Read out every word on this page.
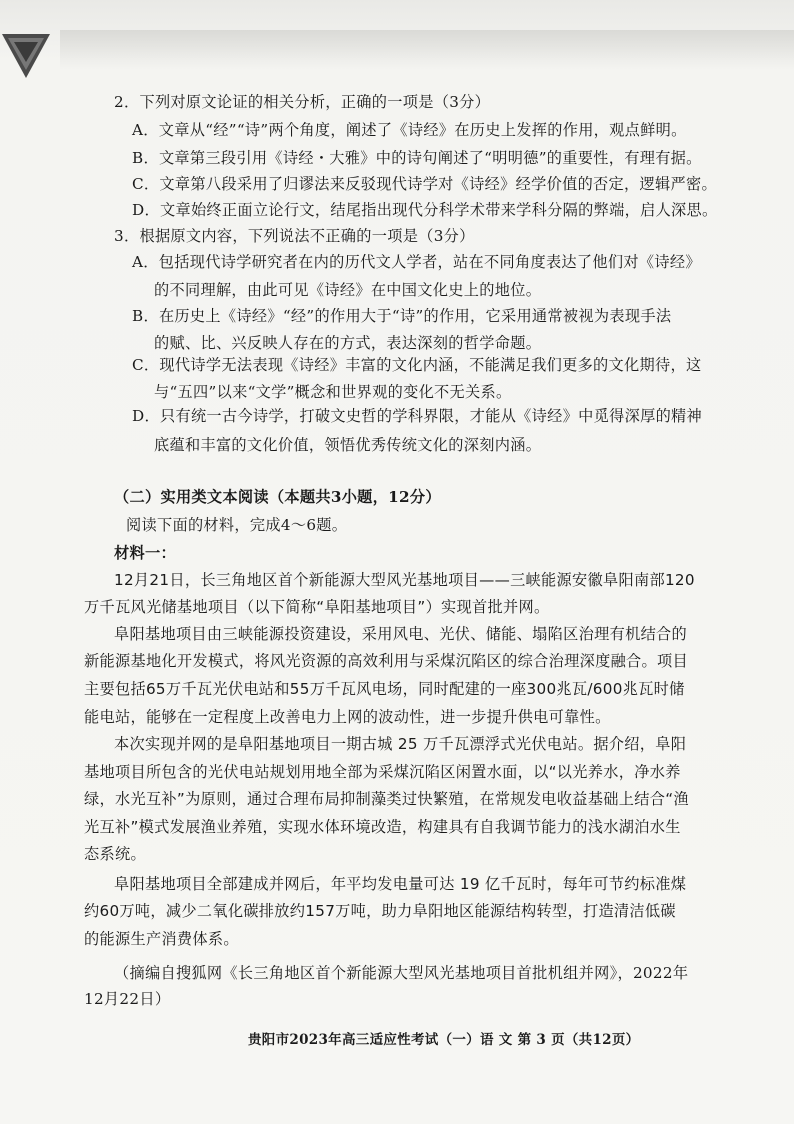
2．下列对原文论证的相关分析，正确的一项是（3分）
A．文章从“经”“诗”两个角度，阐述了《诗经》在历史上发挥的作用，观点鲜明。
B．文章第三段引用《诗经・大雅》中的诗句阐述了“明明德”的重要性，有理有据。
C．文章第八段采用了归谬法来反驳现代诗学对《诗经》经学价值的否定，逻辑严密。
D．文章始终正面立论行文，结尾指出现代分科学术带来学科分隔的弊端，启人深思。
3．根据原文内容，下列说法不正确的一项是（3分）
A．包括现代诗学研究者在内的历代文人学者，站在不同角度表达了他们对《诗经》
的不同理解，由此可见《诗经》在中国文化史上的地位。
B．在历史上《诗经》“经”的作用大于“诗”的作用，它采用通常被视为表现手法
的赋、比、兴反映人存在的方式，表达深刻的哲学命题。
C．现代诗学无法表现《诗经》丰富的文化内涵，不能满足我们更多的文化期待，这
与“五四”以来“文学”概念和世界观的变化不无关系。
D．只有统一古今诗学，打破文史哲的学科界限，才能从《诗经》中觅得深厚的精神
底蕴和丰富的文化价值，领悟优秀传统文化的深刻内涵。
（二）实用类文本阅读（本题共3小题，12分）
阅读下面的材料，完成4～6题。
材料一：
12月21日，长三角地区首个新能源大型风光基地项目——三峡能源安徽阜阳南部120
万千瓦风光储基地项目（以下简称“阜阳基地项目”）实现首批并网。
阜阳基地项目由三峡能源投资建设，采用风电、光伏、储能、塌陷区治理有机结合的
新能源基地化开发模式，将风光资源的高效利用与采煤沉陷区的综合治理深度融合。项目
主要包括65万千瓦光伏电站和55万千瓦风电场，同时配建的一座300兆瓦/600兆瓦时储
能电站，能够在一定程度上改善电力上网的波动性，进一步提升供电可靠性。
本次实现并网的是阜阳基地项目一期古城 25 万千瓦漂浮式光伏电站。据介绍，阜阳
基地项目所包含的光伏电站规划用地全部为采煤沉陷区闲置水面，以“以光养水，净水养
绿，水光互补”为原则，通过合理布局抑制藻类过快繁殖，在常规发电收益基础上结合“渔
光互补”模式发展渔业养殖，实现水体环境改造，构建具有自我调节能力的浅水湖泊水生
态系统。
阜阳基地项目全部建成并网后，年平均发电量可达 19 亿千瓦时，每年可节约标准煤
约60万吨，减少二氧化碳排放约157万吨，助力阜阳地区能源结构转型，打造清洁低碳
的能源生产消费体系。
（摘编自搜狐网《长三角地区首个新能源大型风光基地项目首批机组并网》，2022年
12月22日）
贵阳市2023年高三适应性考试（一）语 文 第 3 页（共12页）
